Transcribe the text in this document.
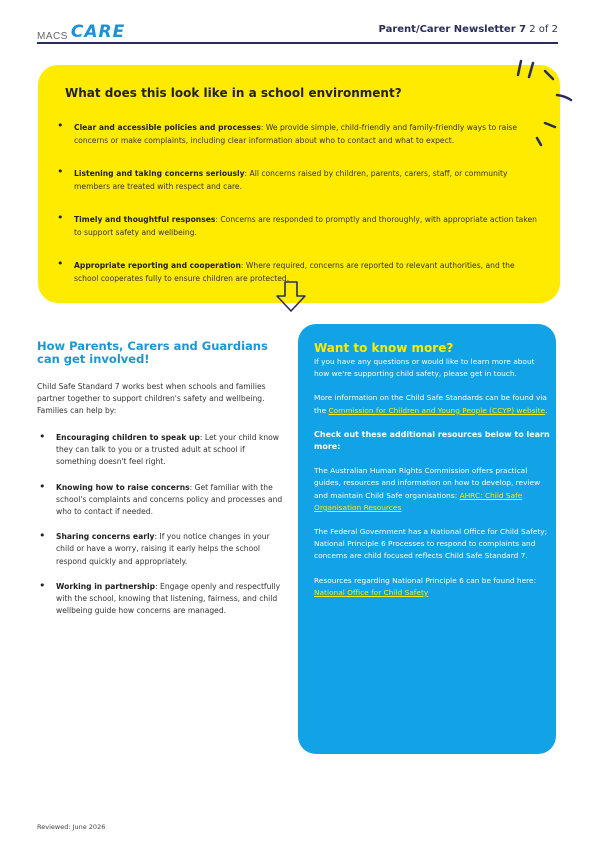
MACS CARE	Parent/Carer Newsletter 7 2 of 2
What does this look like in a school environment?
• Clear and accessible policies and processes: We provide simple, child-friendly and family-friendly ways to raise concerns or make complaints, including clear information about who to contact and what to expect.
• Listening and taking concerns seriously: All concerns raised by children, parents, carers, staff, or community members are treated with respect and care.
• Timely and thoughtful responses: Concerns are responded to promptly and thoroughly, with appropriate action taken to support safety and wellbeing.
• Appropriate reporting and cooperation: Where required, concerns are reported to relevant authorities, and the school cooperates fully to ensure children are protected.
How Parents, Carers and Guardians can get involved!
Child Safe Standard 7 works best when schools and families partner together to support children's safety and wellbeing. Families can help by:
• Encouraging children to speak up: Let your child know they can talk to you or a trusted adult at school if something doesn't feel right.
• Knowing how to raise concerns: Get familiar with the school's complaints and concerns policy and processes and who to contact if needed.
• Sharing concerns early: If you notice changes in your child or have a worry, raising it early helps the school respond quickly and appropriately.
• Working in partnership: Engage openly and respectfully with the school, knowing that listening, fairness, and child wellbeing guide how concerns are managed.
Want to know more?

If you have any questions or would like to learn more about how we're supporting child safety, please get in touch.

More information on the Child Safe Standards can be found via the Commission for Children and Young People (CCYP) website.

Check out these additional resources below to learn more:

The Australian Human Rights Commission offers practical guides, resources and information on how to develop, review and maintain Child Safe organisations: AHRC: Child Safe Organisation Resources

The Federal Government has a National Office for Child Safety; National Principle 6 Processes to respond to complaints and concerns are child focused reflects Child Safe Standard 7.

Resources regarding National Principle 6 can be found here: National Office for Child Safety

Reviewed: June 2026
